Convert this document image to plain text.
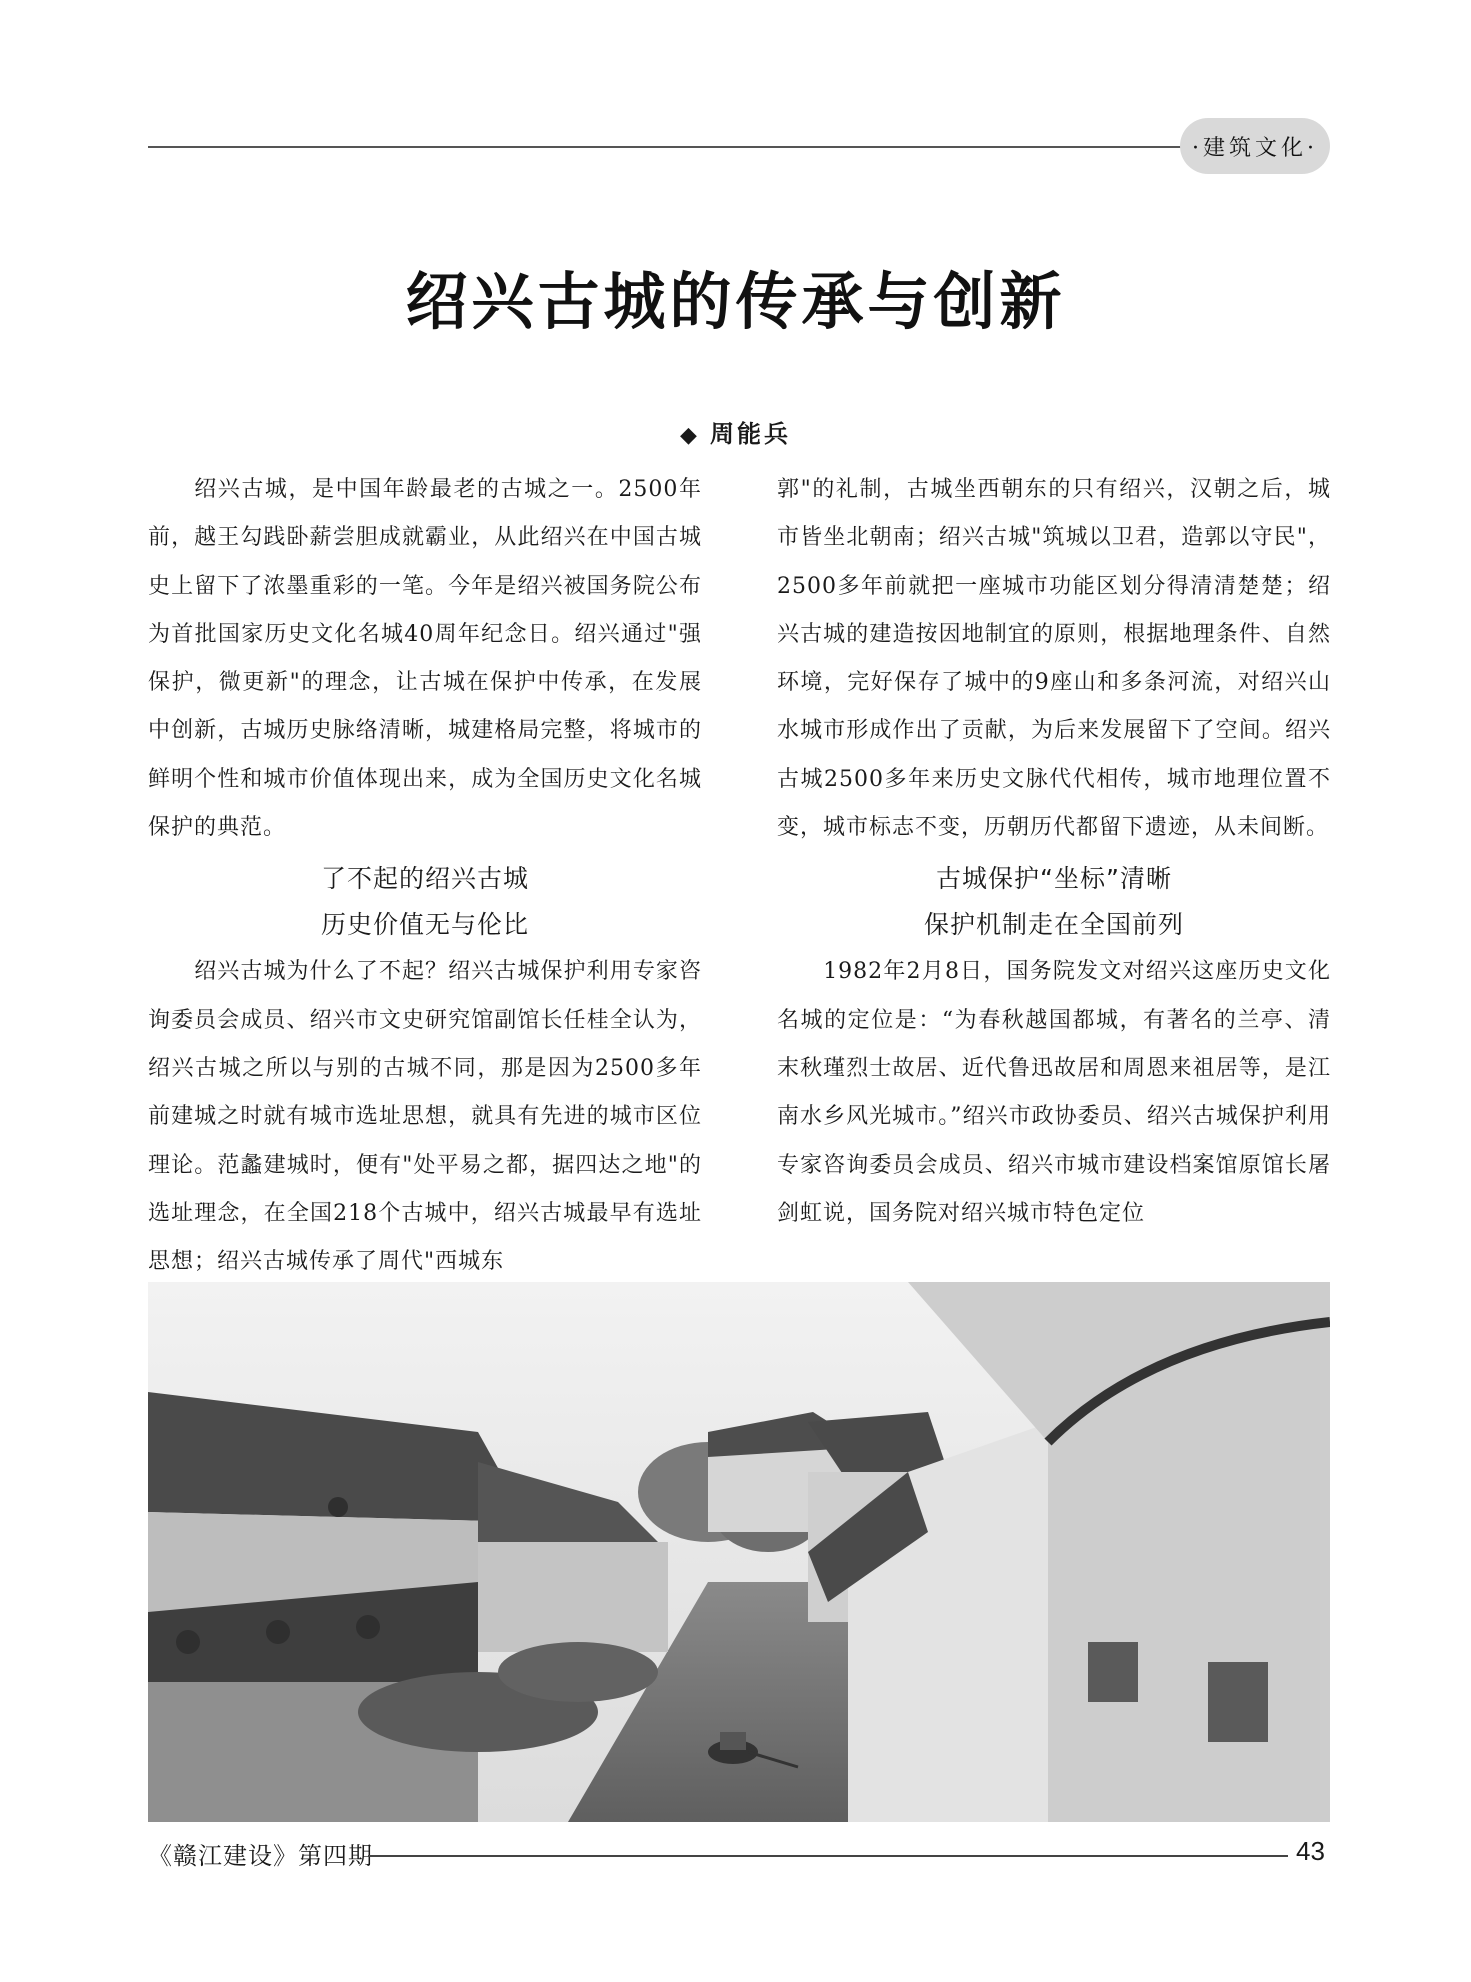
·建筑文化·
绍兴古城的传承与创新
◆ 周能兵

绍兴古城，是中国年龄最老的古城之一。2500年前，越王勾践卧薪尝胆成就霸业，从此绍兴在中国古城史上留下了浓墨重彩的一笔。今年是绍兴被国务院公布为首批国家历史文化名城40周年纪念日。绍兴通过"强保护，微更新"的理念，让古城在保护中传承，在发展中创新，古城历史脉络清晰，城建格局完整，将城市的鲜明个性和城市价值体现出来，成为全国历史文化名城保护的典范。

了不起的绍兴古城
历史价值无与伦比

绍兴古城为什么了不起？绍兴古城保护利用专家咨询委员会成员、绍兴市文史研究馆副馆长任桂全认为，绍兴古城之所以与别的古城不同，那是因为2500多年前建城之时就有城市选址思想，就具有先进的城市区位理论。范蠡建城时，便有"处平易之都，据四达之地"的选址理念，在全国218个古城中，绍兴古城最早有选址思想；绍兴古城传承了周代"西城东

郭"的礼制，古城坐西朝东的只有绍兴，汉朝之后，城市皆坐北朝南；绍兴古城"筑城以卫君，造郭以守民"，2500多年前就把一座城市功能区划分得清清楚楚；绍兴古城的建造按因地制宜的原则，根据地理条件、自然环境，完好保存了城中的9座山和多条河流，对绍兴山水城市形成作出了贡献，为后来发展留下了空间。绍兴古城2500多年来历史文脉代代相传，城市地理位置不变，城市标志不变，历朝历代都留下遗迹，从未间断。

古城保护“坐标”清晰
保护机制走在全国前列

1982年2月8日，国务院发文对绍兴这座历史文化名城的定位是：“为春秋越国都城，有著名的兰亭、清末秋瑾烈士故居、近代鲁迅故居和周恩来祖居等，是江南水乡风光城市。”绍兴市政协委员、绍兴古城保护利用专家咨询委员会成员、绍兴市城市建设档案馆原馆长屠剑虹说，国务院对绍兴城市特色定位

《赣江建设》第四期	43
